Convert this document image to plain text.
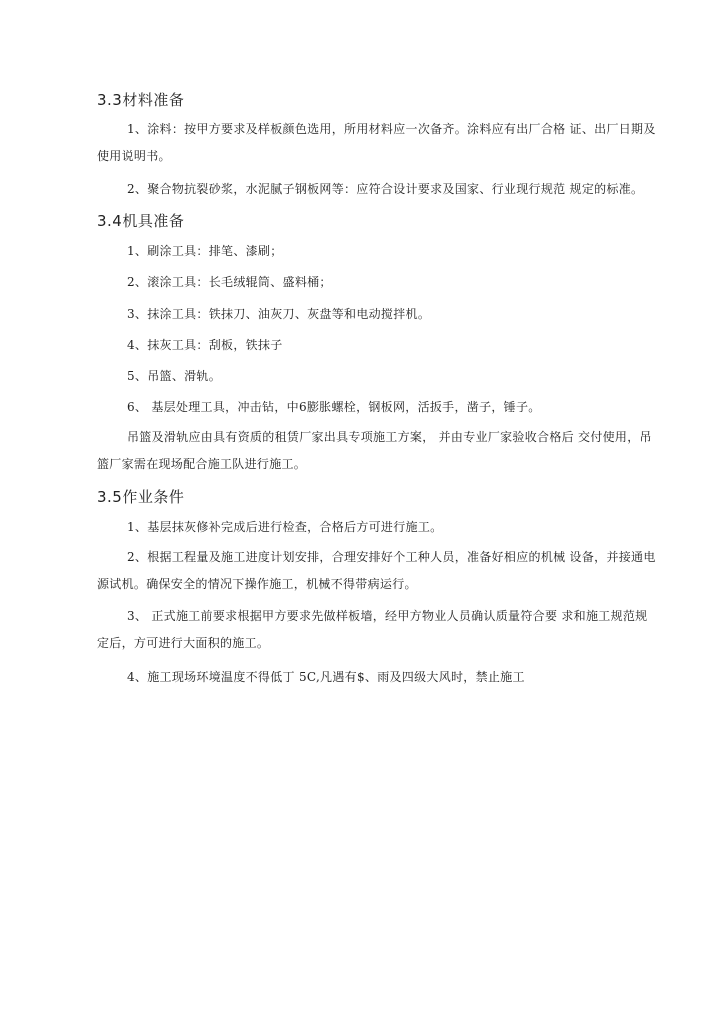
3.3材料准备
1、涂料：按甲方要求及样板颜色选用，所用材料应一次备齐。涂料应有出厂合格 证、出厂日期及使用说明书。
2、聚合物抗裂砂浆，水泥腻子钢板网等：应符合设计要求及国家、行业现行规范 规定的标准。
3.4机具准备
1、刷涂工具：排笔、漆刷；
2、滚涂工具：长毛绒辊筒、盛料桶；
3、抹涂工具：铁抹刀、油灰刀、灰盘等和电动搅拌机。
4、抹灰工具：刮板，铁抹子
5、吊篮、滑轨。
6、 基层处理工具，冲击钻，中6膨胀螺栓，钢板网，活扳手，凿子，锤子。
吊篮及滑轨应由具有资质的租赁厂家出具专项施工方案， 并由专业厂家验收合格后 交付使用，吊篮厂家需在现场配合施工队进行施工。
3.5作业条件
1、基层抹灰修补完成后进行检查，合格后方可进行施工。
2、根据工程量及施工进度计划安排，合理安排好个工种人员，准备好相应的机械 设备，并接通电源试机。确保安全的情况下操作施工，机械不得带病运行。
3、 正式施工前要求根据甲方要求先做样板墙，经甲方物业人员确认质量符合要 求和施工规范规定后，方可进行大面积的施工。
4、施工现场环境温度不得低丁 5C,凡遇有$、雨及四级大风时，禁止施工
